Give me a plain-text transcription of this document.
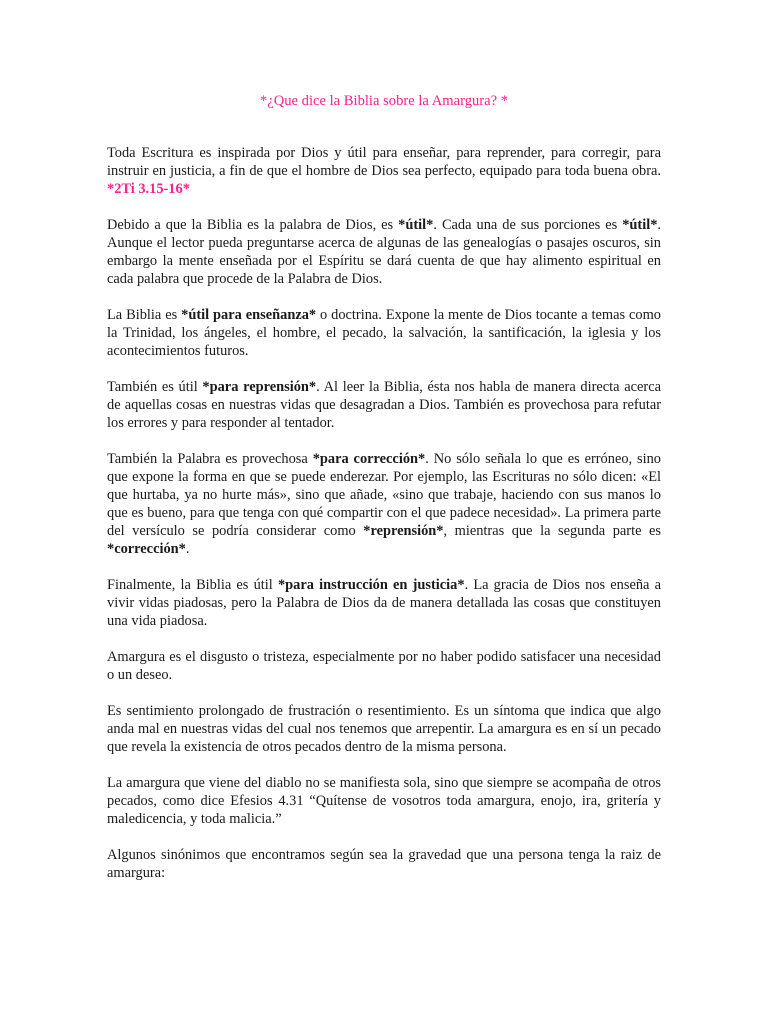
*¿Que dice la Biblia sobre la Amargura? *

Toda Escritura es inspirada por Dios y útil para enseñar, para reprender, para corregir, para instruir en justicia, a fin de que el hombre de Dios sea perfecto, equipado para toda buena obra. *2Ti 3.15-16*

Debido a que la Biblia es la palabra de Dios, es *útil*. Cada una de sus porciones es *útil*. Aunque el lector pueda preguntarse acerca de algunas de las genealogías o pasajes oscuros, sin embargo la mente enseñada por el Espíritu se dará cuenta de que hay alimento espiritual en cada palabra que procede de la Palabra de Dios.

La Biblia es *útil para enseñanza* o doctrina. Expone la mente de Dios tocante a temas como la Trinidad, los ángeles, el hombre, el pecado, la salvación, la santificación, la iglesia y los acontecimientos futuros.

También es útil *para reprensión*. Al leer la Biblia, ésta nos habla de manera directa acerca de aquellas cosas en nuestras vidas que desagradan a Dios. También es provechosa para refutar los errores y para responder al tentador.

También la Palabra es provechosa *para corrección*. No sólo señala lo que es erróneo, sino que expone la forma en que se puede enderezar. Por ejemplo, las Escrituras no sólo dicen: «El que hurtaba, ya no hurte más», sino que añade, «sino que trabaje, haciendo con sus manos lo que es bueno, para que tenga con qué compartir con el que padece necesidad». La primera parte del versículo se podría considerar como *reprensión*, mientras que la segunda parte es *corrección*.

Finalmente, la Biblia es útil *para instrucción en justicia*. La gracia de Dios nos enseña a vivir vidas piadosas, pero la Palabra de Dios da de manera detallada las cosas que constituyen una vida piadosa.

Amargura es el disgusto o tristeza, especialmente por no haber podido satisfacer una necesidad o un deseo.

Es sentimiento prolongado de frustración o resentimiento. Es un síntoma que indica que algo anda mal en nuestras vidas del cual nos tenemos que arrepentir. La amargura es en sí un pecado que revela la existencia de otros pecados dentro de la misma persona.

La amargura que viene del diablo no se manifiesta sola, sino que siempre se acompaña de otros pecados, como dice Efesios 4.31 “Quítense de vosotros toda amargura, enojo, ira, gritería y maledicencia, y toda malicia.”

Algunos sinónimos que encontramos según sea la gravedad que una persona tenga la raiz de amargura:
